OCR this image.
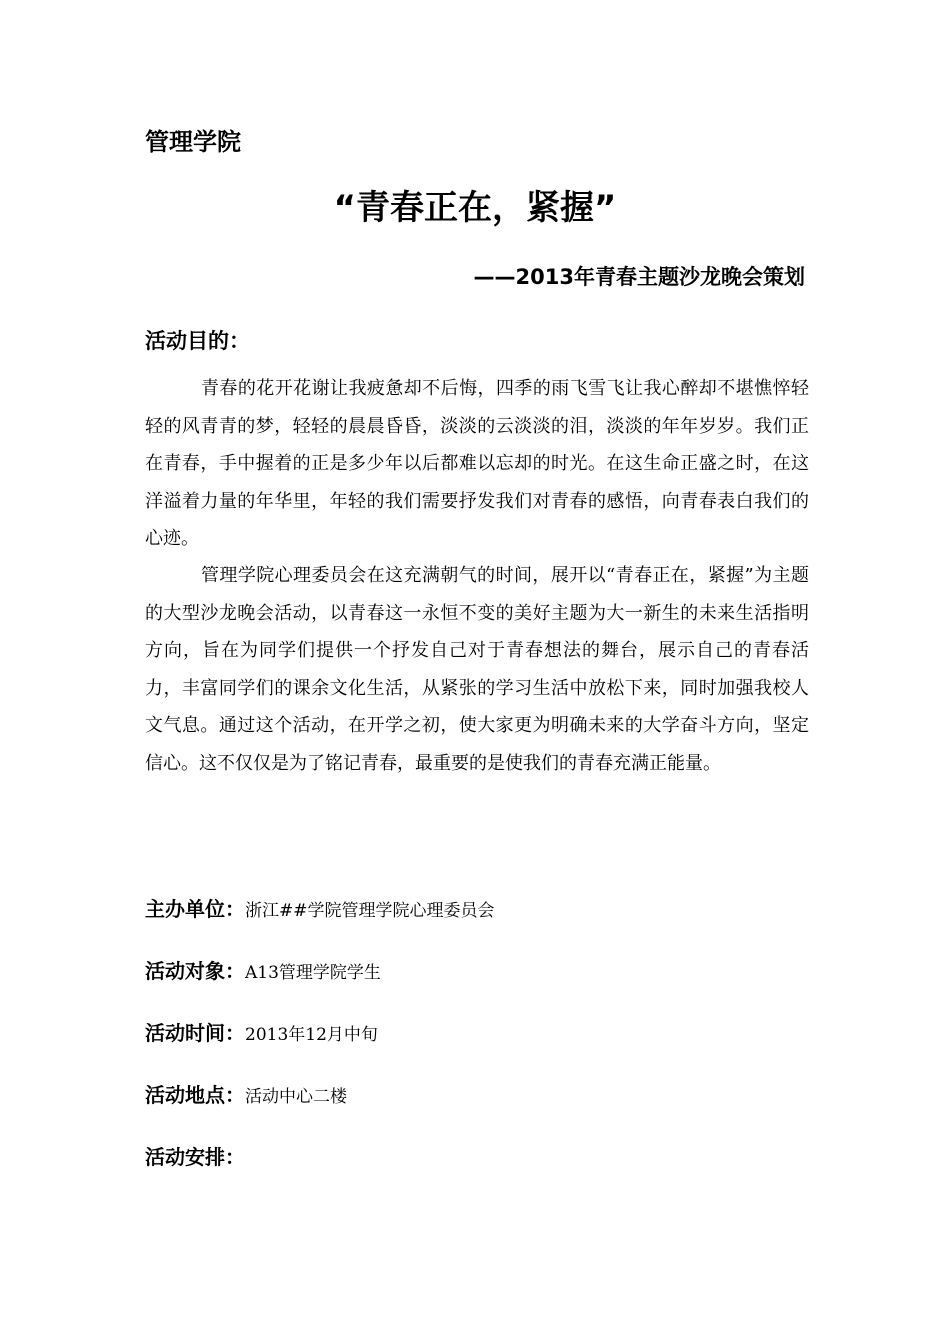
管理学院
“青春正在，紧握”
——2013年青春主题沙龙晚会策划
活动目的：

青春的花开花谢让我疲惫却不后悔，四季的雨飞雪飞让我心醉却不堪憔悴轻轻的风青青的梦，轻轻的晨晨昏昏，淡淡的云淡淡的泪，淡淡的年年岁岁。我们正在青春，手中握着的正是多少年以后都难以忘却的时光。在这生命正盛之时，在这洋溢着力量的年华里，年轻的我们需要抒发我们对青春的感悟，向青春表白我们的心迹。

管理学院心理委员会在这充满朝气的时间，展开以“青春正在，紧握”为主题的大型沙龙晚会活动，以青春这一永恒不变的美好主题为大一新生的未来生活指明方向，旨在为同学们提供一个抒发自己对于青春想法的舞台，展示自己的青春活力，丰富同学们的课余文化生活，从紧张的学习生活中放松下来，同时加强我校人文气息。通过这个活动，在开学之初，使大家更为明确未来的大学奋斗方向，坚定信心。这不仅仅是为了铭记青春，最重要的是使我们的青春充满正能量。

主办单位：浙江##学院管理学院心理委员会
活动对象：A13管理学院学生
活动时间：2013年12月中旬
活动地点：活动中心二楼
活动安排：
